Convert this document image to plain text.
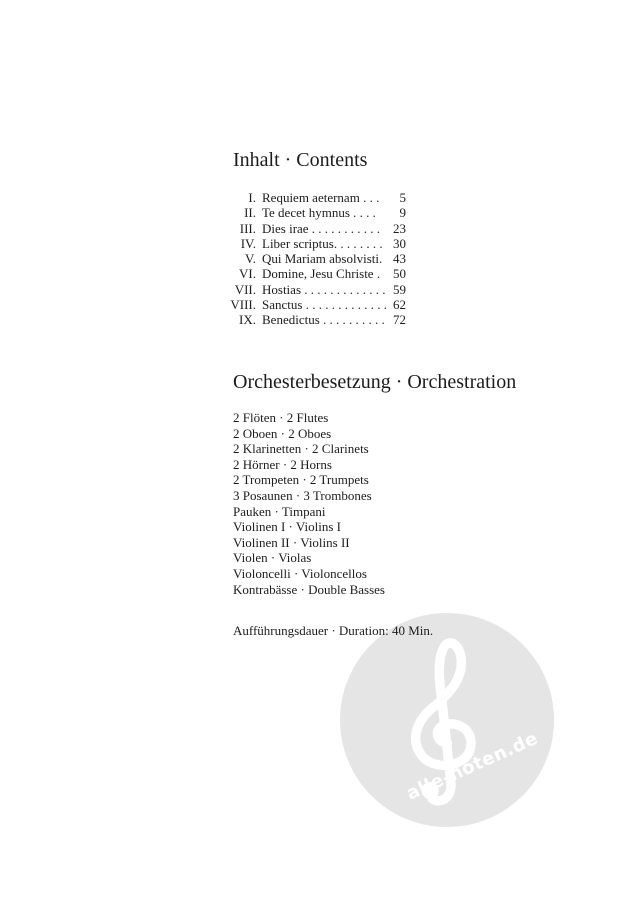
alle-noten.de
Inhalt · Contents
I. Requiem aeternam . . .	5
II. Te decet hymnus . . . .	9
III. Dies irae . . . . . . . . . . . 23
IV. Liber scriptus. . . . . . . . 30
V. Qui Mariam absolvisti. 43
VI. Domine, Jesu Christe . 50
VII. Hostias . . . . . . . . . . . . . 59
VIII. Sanctus . . . . . . . . . . . . . 62
IX. Benedictus . . . . . . . . . . 72
Orchesterbesetzung · Orchestration
2 Flöten · 2 Flutes
2 Oboen · 2 Oboes
2 Klarinetten · 2 Clarinets
2 Hörner · 2 Horns
2 Trompeten · 2 Trumpets
3 Posaunen · 3 Trombones
Pauken · Timpani
Violinen I · Violins I
Violinen II · Violins II
Violen · Violas
Violoncelli · Violoncellos
Kontrabässe · Double Basses
Aufführungsdauer · Duration: 40 Min.
